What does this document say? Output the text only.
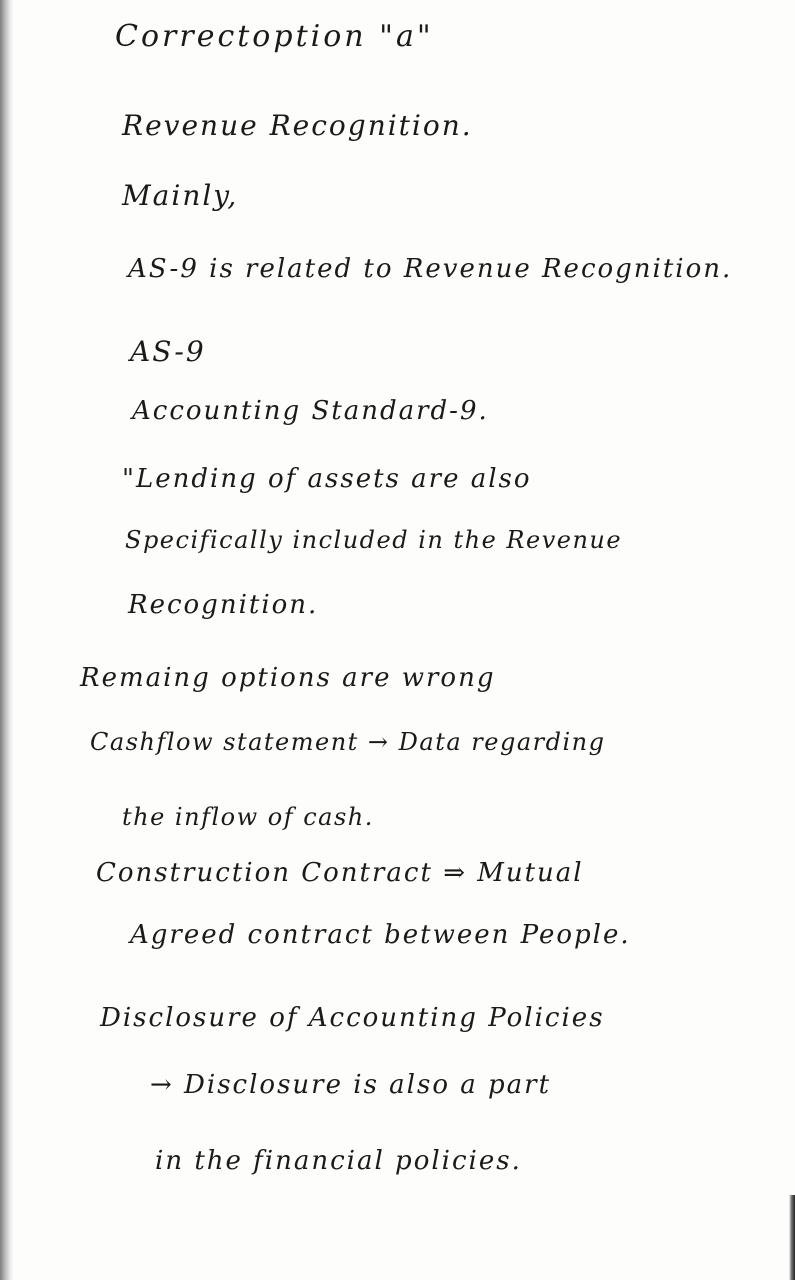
Correctoption "a"
Revenue Recognition.
Mainly,
AS-9 is related to Revenue Recognition.
AS-9
Accounting Standard-9.
"Lending of assets are also
Specifically included in the Revenue
Recognition.
Remaing options are wrong
Cashflow statement → Data regarding
the inflow of cash.
Construction Contract ⇒ Mutual
Agreed contract between People.
Disclosure of Accounting Policies
→ Disclosure is also a part
in the financial policies.
